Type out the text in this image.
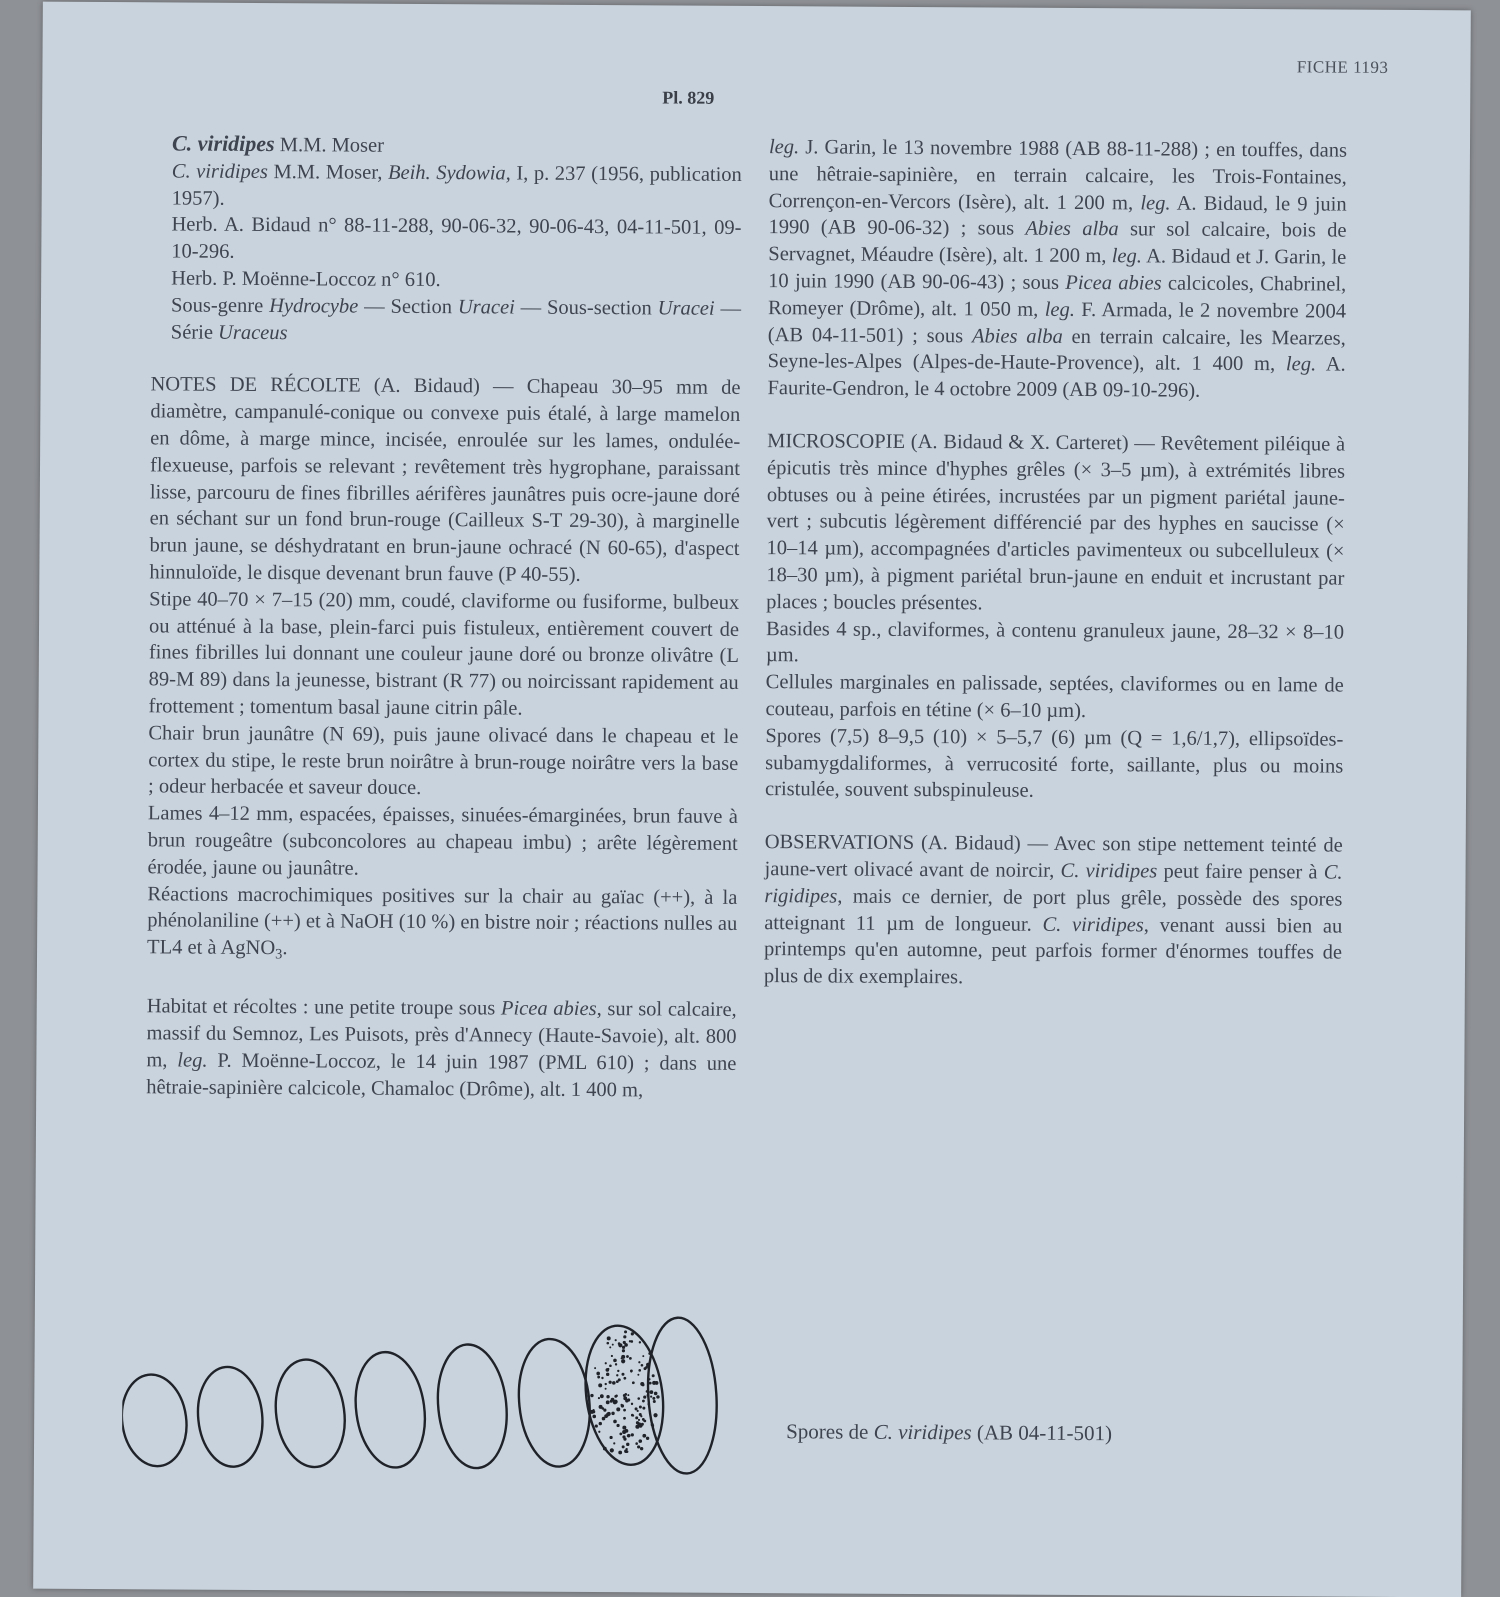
FICHE 1193
Pl. 829

C. viridipes M.M. Moser

C. viridipes M.M. Moser, Beih. Sydowia, I, p. 237 (1956, publication 1957).

Herb. A. Bidaud n° 88-11-288, 90-06-32, 90-06-43, 04-11-501, 09-10-296.

Herb. P. Moënne-Loccoz n° 610.

Sous-genre Hydrocybe — Section Uracei — Sous-section Uracei — Série Uraceus

NOTES DE RÉCOLTE (A. Bidaud) — Chapeau 30–95 mm de diamètre, campanulé-conique ou convexe puis étalé, à large mamelon en dôme, à marge mince, incisée, enroulée sur les lames, ondulée-flexueuse, parfois se relevant ; revêtement très hygrophane, paraissant lisse, parcouru de fines fibrilles aérifères jaunâtres puis ocre-jaune doré en séchant sur un fond brun-rouge (Cailleux S-T 29-30), à marginelle brun jaune, se déshydratant en brun-jaune ochracé (N 60-65), d'aspect hinnuloïde, le disque devenant brun fauve (P 40-55).

Stipe 40–70 × 7–15 (20) mm, coudé, claviforme ou fusiforme, bulbeux ou atténué à la base, plein-farci puis fistuleux, entièrement couvert de fines fibrilles lui donnant une couleur jaune doré ou bronze olivâtre (L 89-M 89) dans la jeunesse, bistrant (R 77) ou noircissant rapidement au frottement ; tomentum basal jaune citrin pâle.

Chair brun jaunâtre (N 69), puis jaune olivacé dans le chapeau et le cortex du stipe, le reste brun noirâtre à brun-rouge noirâtre vers la base ; odeur herbacée et saveur douce.

Lames 4–12 mm, espacées, épaisses, sinuées-émarginées, brun fauve à brun rougeâtre (subconcolores au chapeau imbu) ; arête légèrement érodée, jaune ou jaunâtre.

Réactions macrochimiques positives sur la chair au gaïac (++), à la phénolaniline (++) et à NaOH (10 %) en bistre noir ; réactions nulles au TL4 et à AgNO$_3$.

Habitat et récoltes : une petite troupe sous Picea abies, sur sol calcaire, massif du Semnoz, Les Puisots, près d'Annecy (Haute-Savoie), alt. 800 m, leg. P. Moënne-Loccoz, le 14 juin 1987 (PML 610) ; dans une hêtraie-sapinière calcicole, Chamaloc (Drôme), alt. 1 400 m,

leg. J. Garin, le 13 novembre 1988 (AB 88-11-288) ; en touffes, dans une hêtraie-sapinière, en terrain calcaire, les Trois-Fontaines, Corrençon-en-Vercors (Isère), alt. 1 200 m, leg. A. Bidaud, le 9 juin 1990 (AB 90-06-32) ; sous Abies alba sur sol calcaire, bois de Servagnet, Méaudre (Isère), alt. 1 200 m, leg. A. Bidaud et J. Garin, le 10 juin 1990 (AB 90-06-43) ; sous Picea abies calcicoles, Chabrinel, Romeyer (Drôme), alt. 1 050 m, leg. F. Armada, le 2 novembre 2004 (AB 04-11-501) ; sous Abies alba en terrain calcaire, les Mearzes, Seyne-les-Alpes (Alpes-de-Haute-Provence), alt. 1 400 m, leg. A. Faurite-Gendron, le 4 octobre 2009 (AB 09-10-296).

MICROSCOPIE (A. Bidaud & X. Carteret) — Revêtement piléique à épicutis très mince d'hyphes grêles (× 3–5 µm), à extrémités libres obtuses ou à peine étirées, incrustées par un pigment pariétal jaune-vert ; subcutis légèrement différencié par des hyphes en saucisse (× 10–14 µm), accompagnées d'articles pavimenteux ou subcelluleux (× 18–30 µm), à pigment pariétal brun-jaune en enduit et incrustant par places ; boucles présentes.

Basides 4 sp., claviformes, à contenu granuleux jaune, 28–32 × 8–10 µm.

Cellules marginales en palissade, septées, claviformes ou en lame de couteau, parfois en tétine (× 6–10 µm).

Spores (7,5) 8–9,5 (10) × 5–5,7 (6) µm (Q = 1,6/1,7), ellipsoïdes-subamygdaliformes, à verrucosité forte, saillante, plus ou moins cristulée, souvent subspinuleuse.

OBSERVATIONS (A. Bidaud) — Avec son stipe nettement teinté de jaune-vert olivacé avant de noircir, C. viridipes peut faire penser à C. rigidipes, mais ce dernier, de port plus grêle, possède des spores atteignant 11 µm de longueur. C. viridipes, venant aussi bien au printemps qu'en automne, peut parfois former d'énormes touffes de plus de dix exemplaires.

Spores de C. viridipes (AB 04-11-501)
